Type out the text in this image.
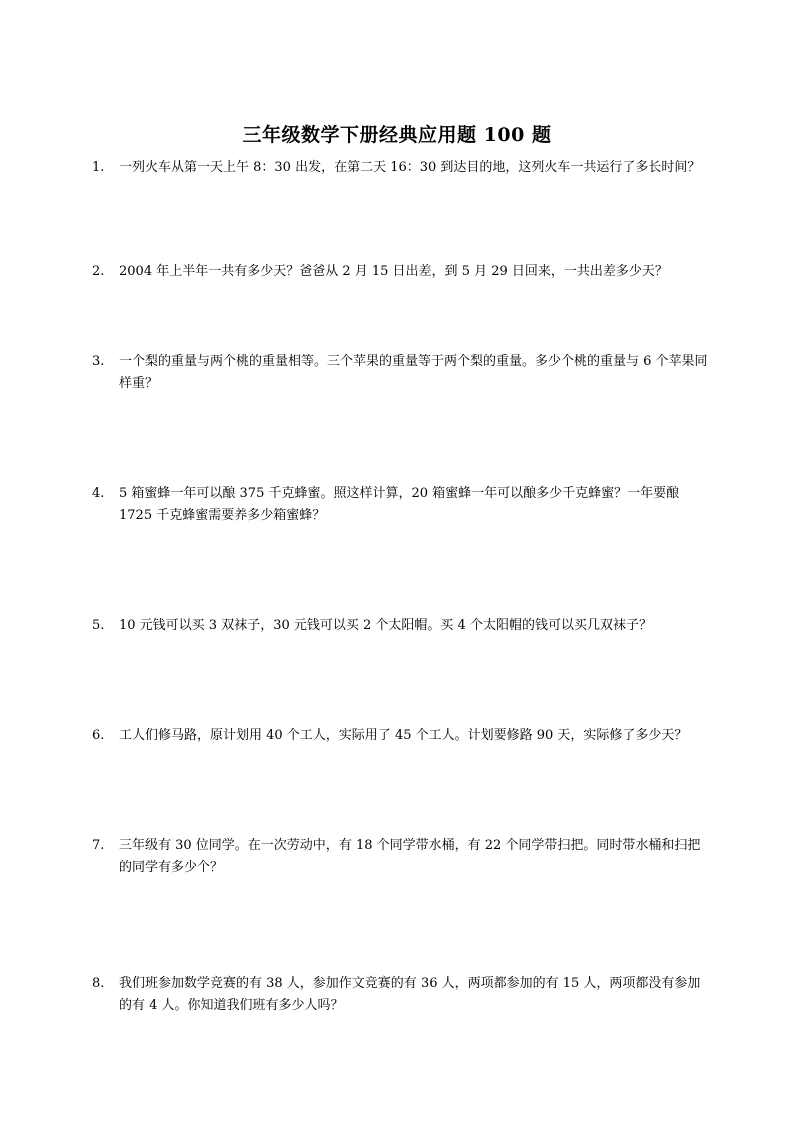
三年级数学下册经典应用题 100 题
1.	一列火车从第一天上午 8：30 出发，在第二天 16：30 到达目的地，这列火车一共运行了多长时间？
2.	2004 年上半年一共有多少天？爸爸从 2 月 15 日出差，到 5 月 29 日回来，一共出差多少天？
3.	一个梨的重量与两个桃的重量相等。三个苹果的重量等于两个梨的重量。多少个桃的重量与 6 个苹果同样重？
4.	5 箱蜜蜂一年可以酿 375 千克蜂蜜。照这样计算，20 箱蜜蜂一年可以酿多少千克蜂蜜？一年要酿 1725 千克蜂蜜需要养多少箱蜜蜂？
5.	10 元钱可以买 3 双袜子，30 元钱可以买 2 个太阳帽。买 4 个太阳帽的钱可以买几双袜子？
6.	工人们修马路，原计划用 40 个工人，实际用了 45 个工人。计划要修路 90 天，实际修了多少天？
7.	三年级有 30 位同学。在一次劳动中，有 18 个同学带水桶，有 22 个同学带扫把。同时带水桶和扫把的同学有多少个？
8.	我们班参加数学竞赛的有 38 人，参加作文竞赛的有 36 人，两项都参加的有 15 人，两项都没有参加的有 4 人。你知道我们班有多少人吗？
